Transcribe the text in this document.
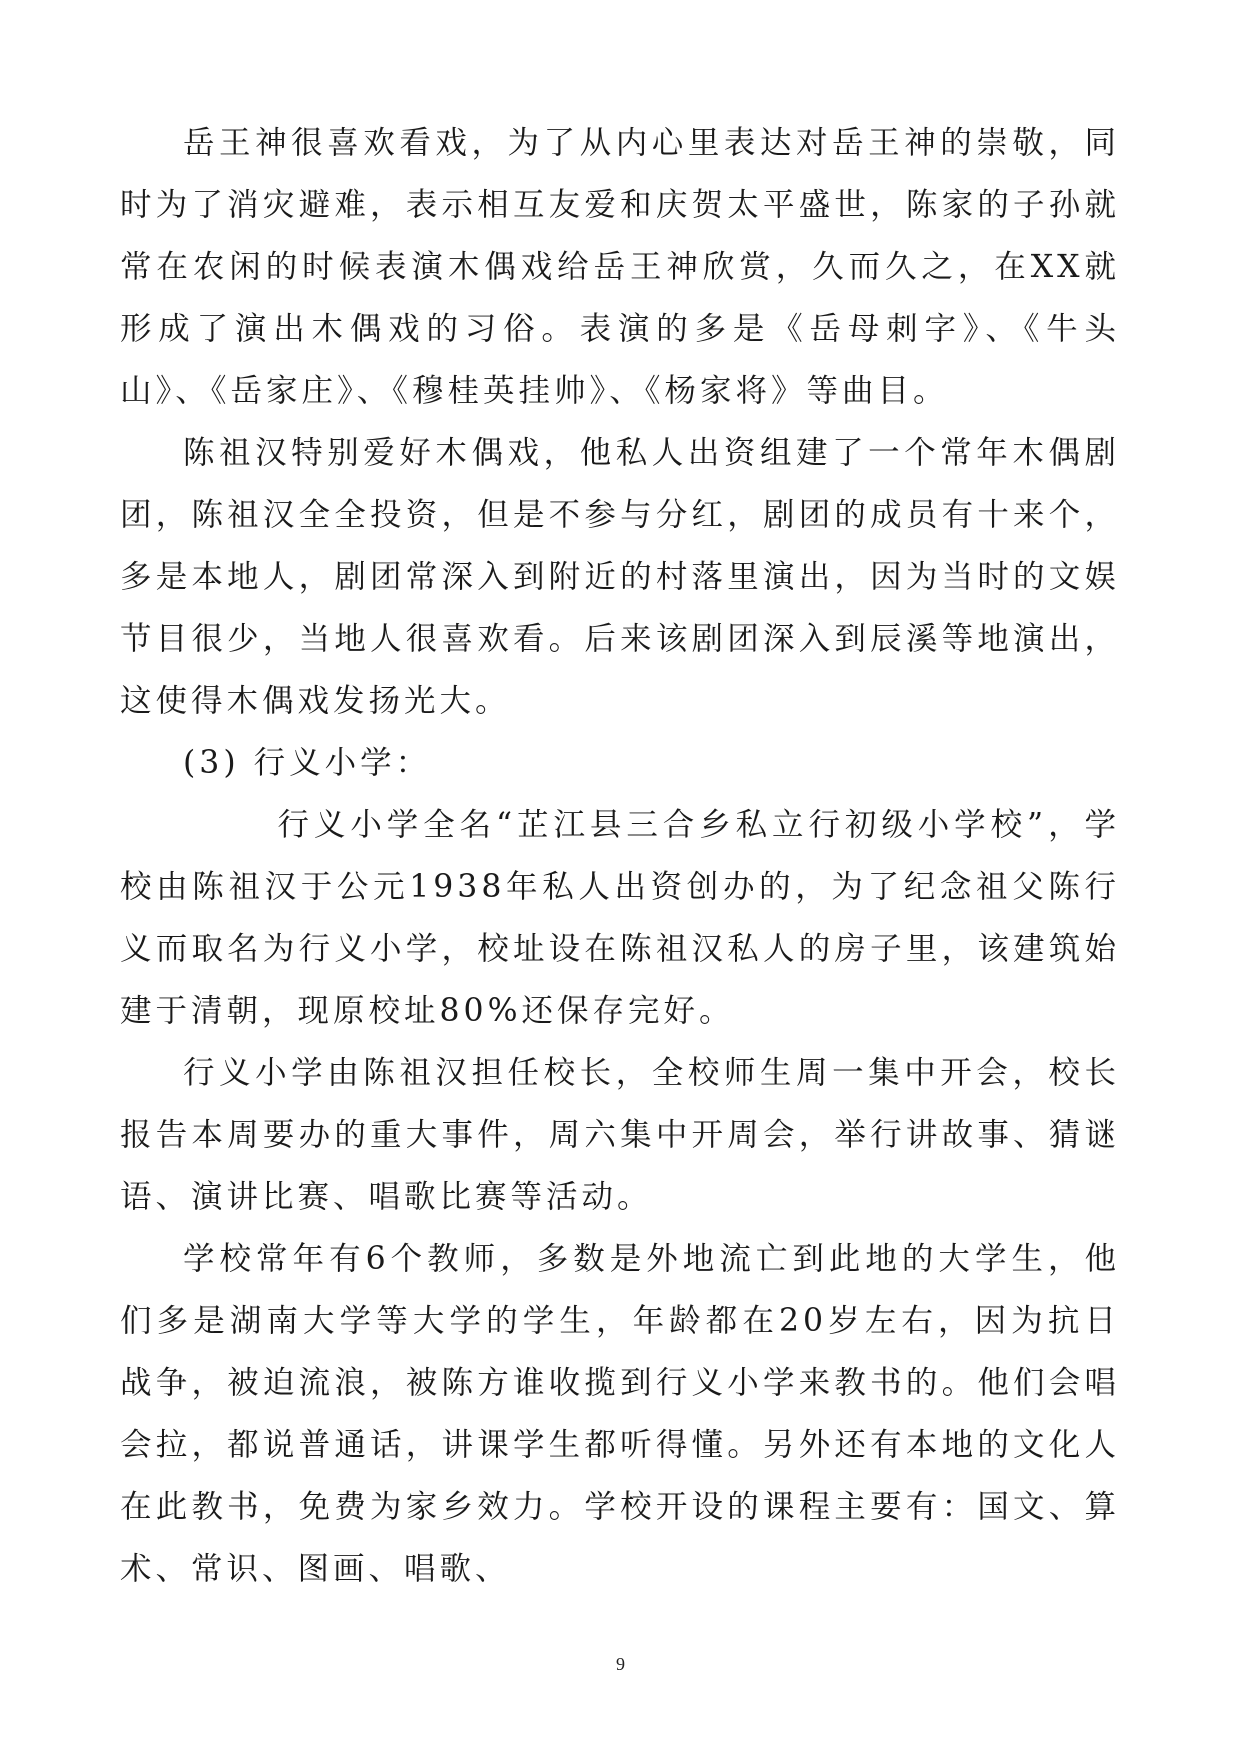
岳王神很喜欢看戏，为了从内心里表达对岳王神的崇敬，同时为了消灾避难，表示相互友爱和庆贺太平盛世，陈家的子孙就常在农闲的时候表演木偶戏给岳王神欣赏，久而久之，在XX就形成了演出木偶戏的习俗。表演的多是《岳母刺字》、《牛头山》、《岳家庄》、《穆桂英挂帅》、《杨家将》等曲目。

陈祖汉特别爱好木偶戏，他私人出资组建了一个常年木偶剧团，陈祖汉全全投资，但是不参与分红，剧团的成员有十来个，多是本地人，剧团常深入到附近的村落里演出，因为当时的文娱节目很少，当地人很喜欢看。后来该剧团深入到辰溪等地演出，这使得木偶戏发扬光大。

(3) 行义小学：

行义小学全名“芷江县三合乡私立行初级小学校”，学校由陈祖汉于公元1938年私人出资创办的，为了纪念祖父陈行义而取名为行义小学，校址设在陈祖汉私人的房子里，该建筑始建于清朝，现原校址80%还保存完好。

行义小学由陈祖汉担任校长，全校师生周一集中开会，校长报告本周要办的重大事件，周六集中开周会，举行讲故事、猜谜语、演讲比赛、唱歌比赛等活动。

学校常年有6个教师，多数是外地流亡到此地的大学生，他们多是湖南大学等大学的学生，年龄都在20岁左右，因为抗日战争，被迫流浪，被陈方谁收揽到行义小学来教书的。他们会唱会拉，都说普通话，讲课学生都听得懂。另外还有本地的文化人在此教书，免费为家乡效力。学校开设的课程主要有：国文、算术、常识、图画、唱歌、

9
